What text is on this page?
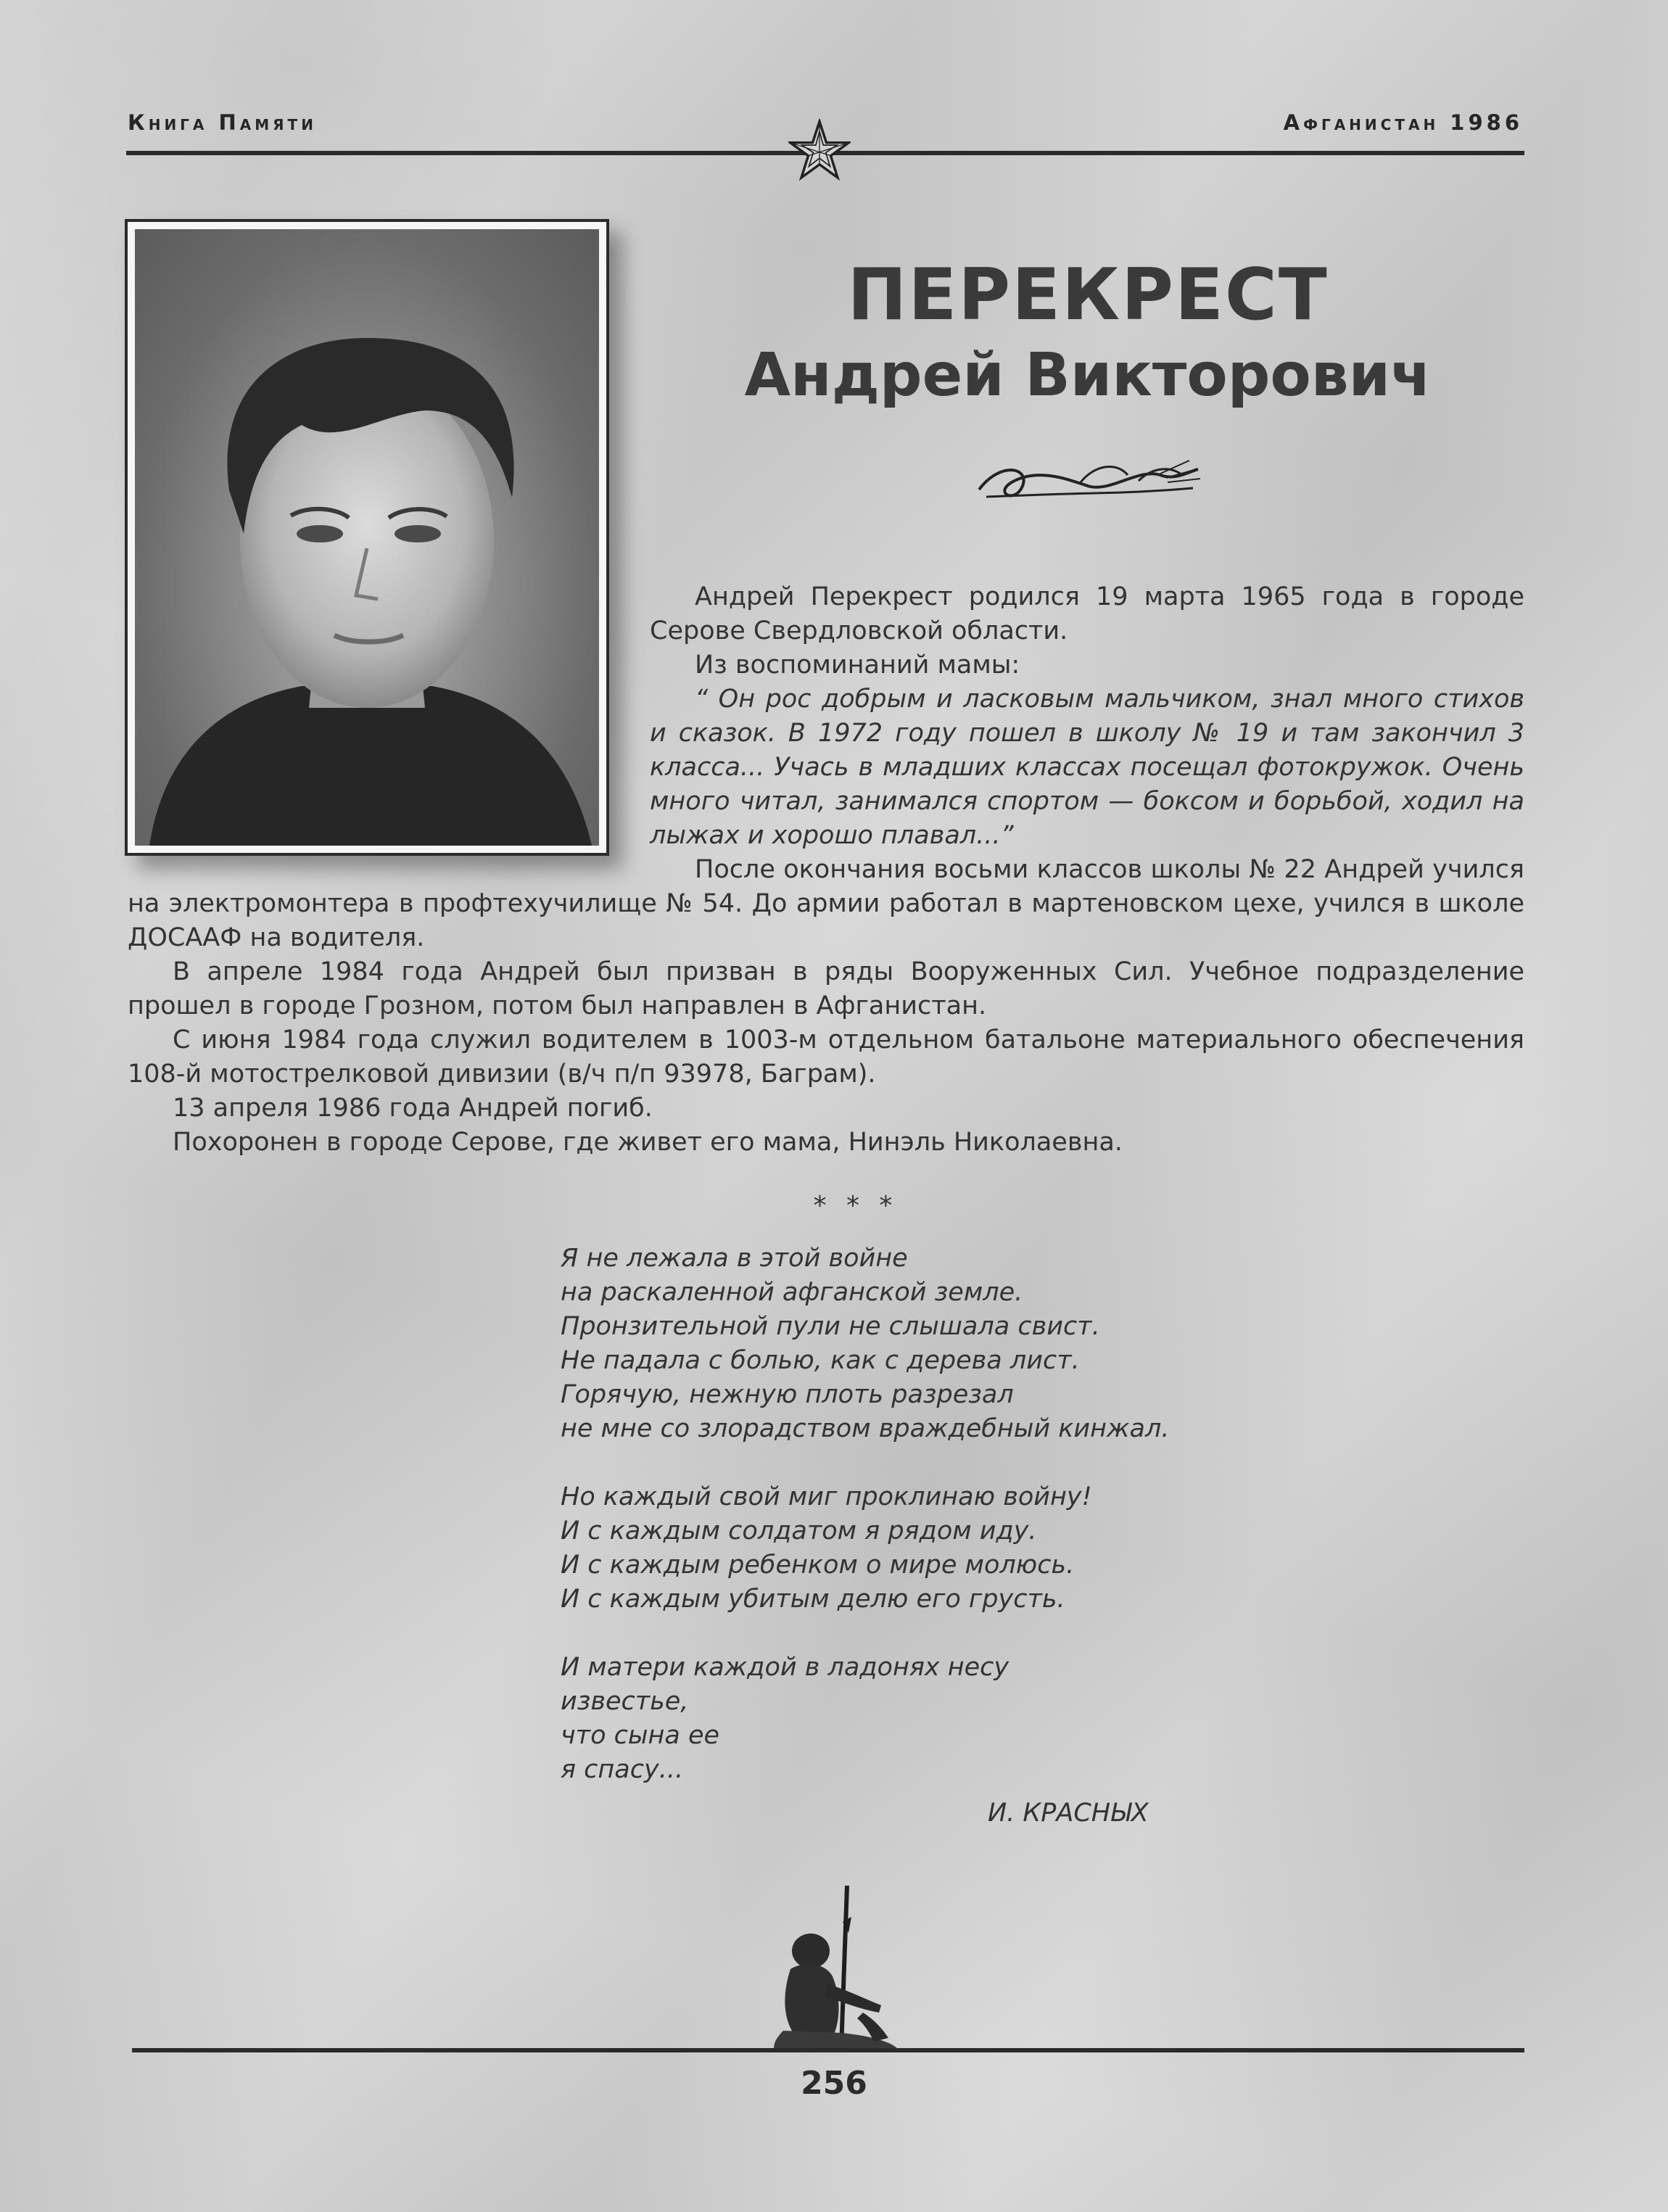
Книга Памяти	Афганистан 1986
ПЕРЕКРЕСТ
Андрей Викторович

Андрей Перекрест родился 19 марта 1965 года в городе Серове Свердловской области.

Из воспоминаний мамы:

“ Он рос добрым и ласковым мальчиком, знал много стихов и сказок. В 1972 году пошел в школу № 19 и там закончил 3 класса... Учась в младших классах посещал фотокружок. Очень много читал, занимался спортом — боксом и борьбой, ходил на лыжах и хорошо плавал...”

После окончания восьми классов школы № 22 Андрей учился на электромонтера в профтехучилище № 54. До армии работал в мартеновском цехе, учился в школе ДОСААФ на водителя.

В апреле 1984 года Андрей был призван в ряды Вооруженных Сил. Учебное подразделение прошел в городе Грозном, потом был направлен в Афганистан.

С июня 1984 года служил водителем в 1003-м отдельном батальоне материального обеспечения 108-й мотострелковой дивизии (в/ч п/п 93978, Баграм).

13 апреля 1986 года Андрей погиб.

Похоронен в городе Серове, где живет его мама, Нинэль Николаевна.

* * *
Я не лежала в этой войне
на раскаленной афганской земле.
Пронзительной пули не слышала свист.
Не падала с болью, как с дерева лист.
Горячую, нежную плоть разрезал
не мне со злорадством враждебный кинжал.
Но каждый свой миг проклинаю войну!
И с каждым солдатом я рядом иду.
И с каждым ребенком о мире молюсь.
И с каждым убитым делю его грусть.
И матери каждой в ладонях несу
известье,
что сына ее
я спасу...
И. КРАСНЫХ
256
